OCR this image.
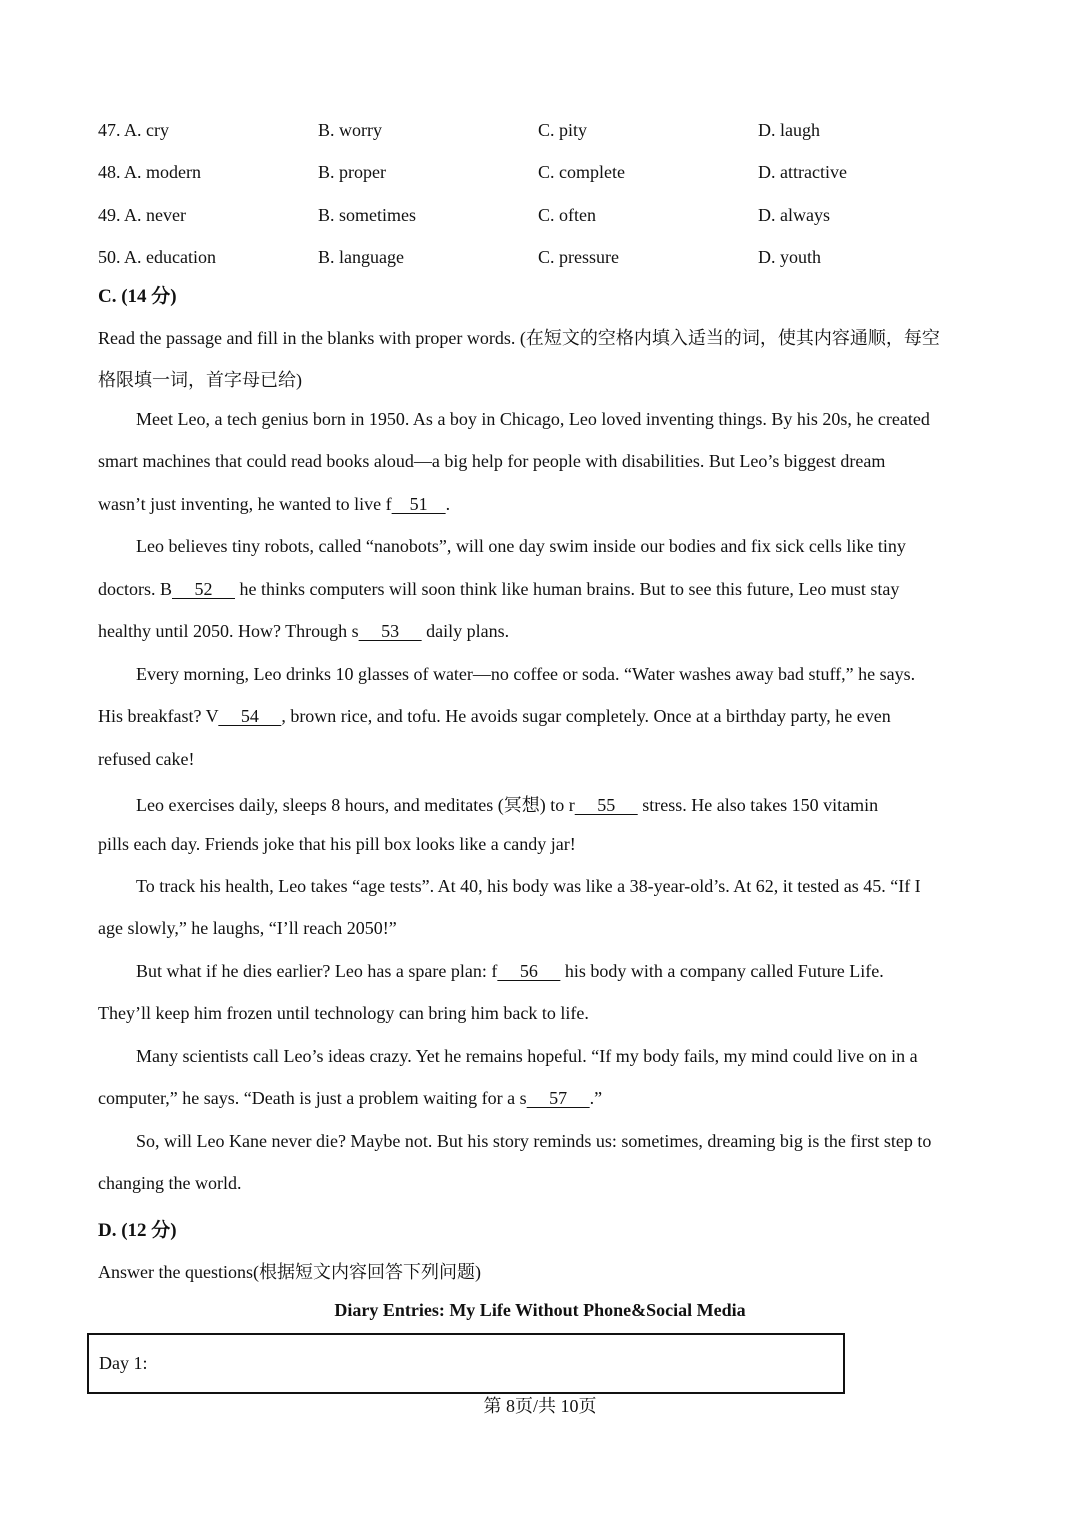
47. A. cry	B. worry	C. pity	D. laugh
48. A. modern	B. proper	C. complete	D. attractive
49. A. never	B. sometimes	C. often	D. always
50. A. education	B. language	C. pressure	D. youth
C. (14 分)
Read the passage and fill in the blanks with proper words. (在短文的空格内填入适当的词，使其内容通顺，每空
格限填一词，首字母已给)
Meet Leo, a tech genius born in 1950. As a boy in Chicago, Leo loved inventing things. By his 20s, he created
smart machines that could read books aloud—a big help for people with disabilities. But Leo’s biggest dream
wasn’t just inventing, he wanted to live f    51    .
Leo believes tiny robots, called “nanobots”, will one day swim inside our bodies and fix sick cells like tiny
doctors. B     52      he thinks computers will soon think like human brains. But to see this future, Leo must stay
healthy until 2050. How? Through s     53      daily plans.
Every morning, Leo drinks 10 glasses of water—no coffee or soda. “Water washes away bad stuff,” he says.
His breakfast? V     54     , brown rice, and tofu. He avoids sugar completely. Once at a birthday party, he even
refused cake!
Leo exercises daily, sleeps 8 hours, and meditates (冥想) to r     55      stress. He also takes 150 vitamin
pills each day. Friends joke that his pill box looks like a candy jar!
To track his health, Leo takes “age tests”. At 40, his body was like a 38-year-old’s. At 62, it tested as 45. “If I
age slowly,” he laughs, “I’ll reach 2050!”
But what if he dies earlier? Leo has a spare plan: f     56      his body with a company called Future Life.
They’ll keep him frozen until technology can bring him back to life.
Many scientists call Leo’s ideas crazy. Yet he remains hopeful. “If my body fails, my mind could live on in a
computer,” he says. “Death is just a problem waiting for a s     57     .”
So, will Leo Kane never die? Maybe not. But his story reminds us: sometimes, dreaming big is the first step to
changing the world.
D. (12 分)
Answer the questions(根据短文内容回答下列问题)
Diary Entries: My Life Without Phone&Social Media
Day 1:
第 8页/共 10页
